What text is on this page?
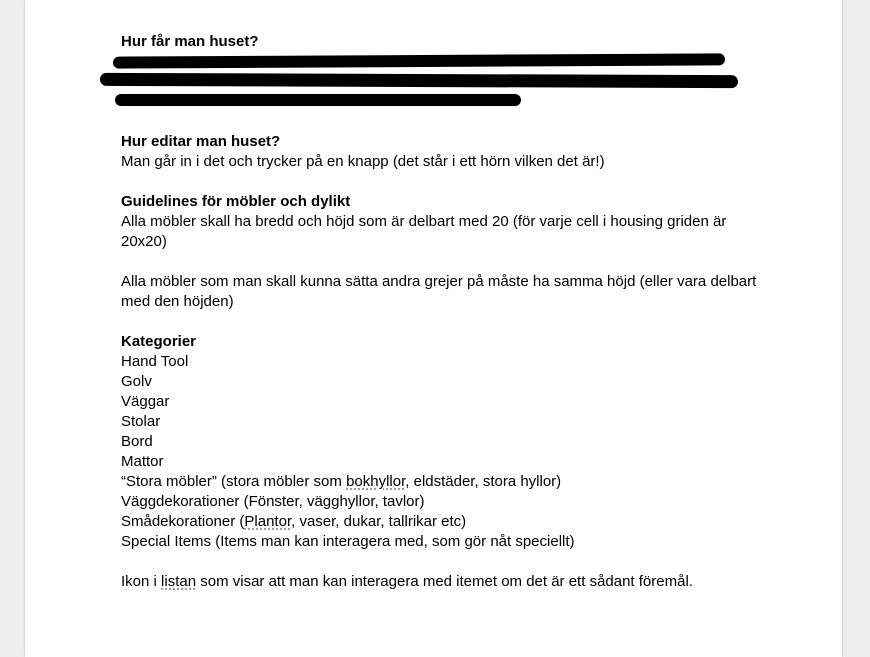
Hur får man huset?
Hur editar man huset?
Man går in i det och trycker på en knapp (det står i ett hörn vilken det är!)
Guidelines för möbler och dylikt
Alla möbler skall ha bredd och höjd som är delbart med 20 (för varje cell i housing griden är
20x20)
Alla möbler som man skall kunna sätta andra grejer på måste ha samma höjd (eller vara delbart
med den höjden)
Kategorier
Hand Tool
Golv
Väggar
Stolar
Bord
Mattor
“Stora möbler” (stora möbler som bokhyllor, eldstäder, stora hyllor)
Väggdekorationer (Fönster, vägghyllor, tavlor)
Smådekorationer (Plantor, vaser, dukar, tallrikar etc)
Special Items (Items man kan interagera med, som gör nåt speciellt)
Ikon i listan som visar att man kan interagera med itemet om det är ett sådant föremål.
